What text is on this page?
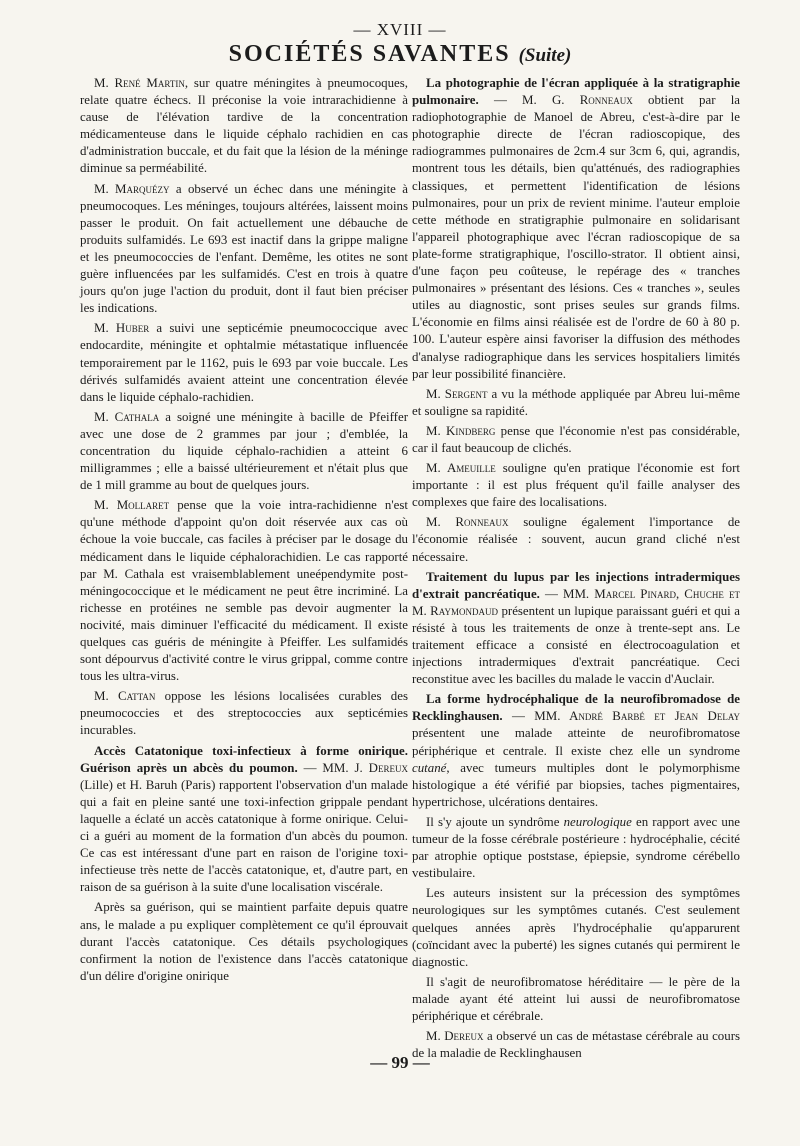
— XVIII —
SOCIÉTÉS SAVANTES (Suite)

M. René Martin, sur quatre méningites à pneumocoques, relate quatre échecs. Il préconise la voie intrarachidienne à cause de l'élévation tardive de la concentration médicamenteuse dans le liquide céphalo rachidien en cas d'administration buccale, et du fait que la lésion de la méninge diminue sa perméabilité.

M. Marquézy a observé un échec dans une méningite à pneumocoques. Les méninges, toujours altérées, laissent moins passer le produit. On fait actuellement une débauche de produits sulfamidés. Le 693 est inactif dans la grippe maligne et les pneumococcies de l'enfant. Demême, les otites ne sont guère influencées par les sulfamidés. C'est en trois à quatre jours qu'on juge l'action du produit, dont il faut bien préciser les indications.

M. Huber a suivi une septicémie pneumococcique avec endocardite, méningite et ophtalmie métastatique influencée temporairement par le 1162, puis le 693 par voie buccale. Les dérivés sulfamidés avaient atteint une concentration élevée dans le liquide céphalo-rachidien.

M. Cathala a soigné une méningite à bacille de Pfeiffer avec une dose de 2 grammes par jour ; d'emblée, la concentration du liquide céphalo-rachidien a atteint 6 milligrammes ; elle a baissé ultérieurement et n'était plus que de 1 mill gramme au bout de quelques jours.

M. Mollaret pense que la voie intra-rachidienne n'est qu'une méthode d'appoint qu'on doit réservée aux cas où échoue la voie buccale, cas faciles à préciser par le dosage du médicament dans le liquide céphalorachidien. Le cas rapporté par M. Cathala est vraisemblablement uneépendymite post-méningococcique et le médicament ne peut être incriminé. La richesse en protéines ne semble pas devoir augmenter la nocivité, mais diminuer l'efficacité du médicament. Il existe quelques cas guéris de méningite à Pfeiffer. Les sulfamidés sont dépourvus d'activité contre le virus grippal, comme contre tous les ultra-virus.

M. Cattan oppose les lésions localisées curables des pneumococcies et des streptococcies aux septicémies incurables.

Accès Catatonique toxi-infectieux à forme onirique. Guérison après un abcès du poumon. — MM. J. Dereux (Lille) et H. Baruh (Paris) rapportent l'observation d'un malade qui a fait en pleine santé une toxi-infection grippale pendant laquelle a éclaté un accès catatonique à forme onirique. Celui-ci a guéri au moment de la formation d'un abcès du poumon. Ce cas est intéressant d'une part en raison de l'origine toxi-infectieuse très nette de l'accès catatonique, et, d'autre part, en raison de sa guérison à la suite d'une localisation viscérale.

Après sa guérison, qui se maintient parfaite depuis quatre ans, le malade a pu expliquer complètement ce qu'il éprouvait durant l'accès catatonique. Ces détails psychologiques confirment la notion de l'existence dans l'accès catatonique d'un délire d'origine onirique

La photographie de l'écran appliquée à la stratigraphie pulmonaire. — M. G. Ronneaux obtient par la radiophotographie de Manoel de Abreu, c'est-à-dire par le photographie directe de l'écran radioscopique, des radiogrammes pulmonaires de 2cm.4 sur 3cm 6, qui, agrandis, montrent tous les détails, bien qu'atténués, des radiographies classiques, et permettent l'identification de lésions pulmonaires, pour un prix de revient minime. l'auteur emploie cette méthode en stratigraphie pulmonaire en solidarisant l'appareil photographique avec l'écran radioscopique de sa plate-forme stratigraphique, l'oscillo-strator. Il obtient ainsi, d'une façon peu coûteuse, le repérage des « tranches pulmonaires » présentant des lésions. Ces « tranches », seules utiles au diagnostic, sont prises seules sur grands films. L'économie en films ainsi réalisée est de l'ordre de 60 à 80 p. 100. L'auteur espère ainsi favoriser la diffusion des méthodes d'analyse radiographique dans les services hospitaliers limités par leur possibilité financière.

M. Sergent a vu la méthode appliquée par Abreu lui-même et souligne sa rapidité.

M. Kindberg pense que l'économie n'est pas considérable, car il faut beaucoup de clichés.

M. Ameuille souligne qu'en pratique l'économie est fort importante : il est plus fréquent qu'il faille analyser des complexes que faire des localisations.

M. Ronneaux souligne également l'importance de l'économie réalisée : souvent, aucun grand cliché n'est nécessaire.

Traitement du lupus par les injections intradermiques d'extrait pancréatique. — MM. Marcel Pinard, Chuche et M. Raymondaud présentent un lupique paraissant guéri et qui a résisté à tous les traitements de onze à trente-sept ans. Le traitement efficace a consisté en électrocoagulation et injections intradermiques d'extrait pancréatique. Ceci reconstitue avec les bacilles du malade le vaccin d'Auclair.

La forme hydrocéphalique de la neurofibromadose de Recklinghausen. — MM. André Barbé et Jean Delay présentent une malade atteinte de neurofibromatose périphérique et centrale. Il existe chez elle un syndrome cutané, avec tumeurs multiples dont le polymorphisme histologique a été vérifié par biopsies, taches pigmentaires, hypertrichose, ulcérations dentaires.

Il s'y ajoute un syndrôme neurologique en rapport avec une tumeur de la fosse cérébrale postérieure : hydrocéphalie, cécité par atrophie optique poststase, épiepsie, syndrome cérébello vestibulaire.

Les auteurs insistent sur la précession des symptômes neurologiques sur les symptômes cutanés. C'est seulement quelques années après l'hydrocéphalie qu'apparurent (coïncidant avec la puberté) les signes cutanés qui permirent le diagnostic.

Il s'agit de neurofibromatose héréditaire — le père de la malade ayant été atteint lui aussi de neurofibromatose périphérique et cérébrale.

M. Dereux a observé un cas de métastase cérébrale au cours de la maladie de Recklinghausen

— 99 —
